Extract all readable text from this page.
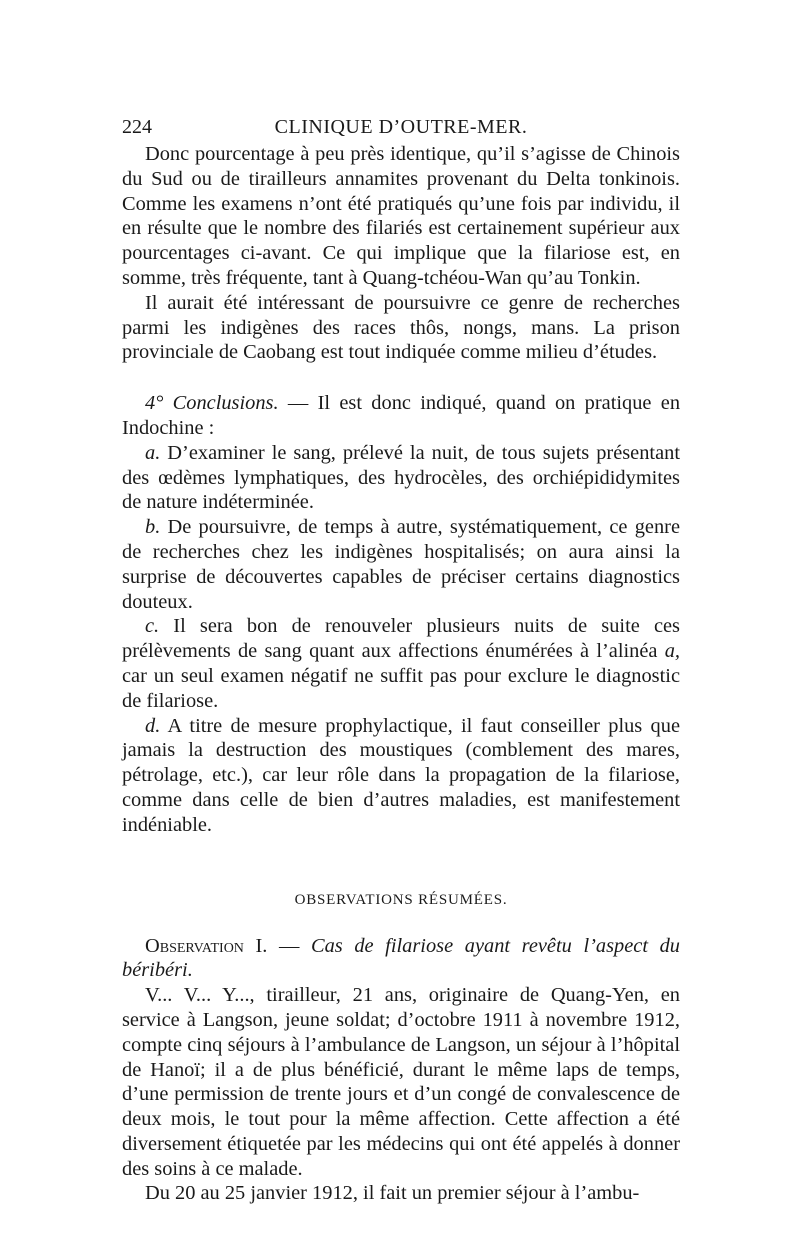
224	CLINIQUE D’OUTRE-MER.

Donc pourcentage à peu près identique, qu’il s’agisse de Chinois du Sud ou de tirailleurs annamites provenant du Delta tonkinois. Comme les examens n’ont été pratiqués qu’une fois par individu, il en résulte que le nombre des filariés est certainement supérieur aux pourcentages ci-avant. Ce qui implique que la filariose est, en somme, très fréquente, tant à Quang-tchéou-Wan qu’au Tonkin.

Il aurait été intéressant de poursuivre ce genre de recherches parmi les indigènes des races thôs, nongs, mans. La prison provinciale de Caobang est tout indiquée comme milieu d’études.

4° Conclusions. — Il est donc indiqué, quand on pratique en Indochine :

a. D’examiner le sang, prélevé la nuit, de tous sujets présentant des œdèmes lymphatiques, des hydrocèles, des orchiépididymites de nature indéterminée.

b. De poursuivre, de temps à autre, systématiquement, ce genre de recherches chez les indigènes hospitalisés; on aura ainsi la surprise de découvertes capables de préciser certains diagnostics douteux.

c. Il sera bon de renouveler plusieurs nuits de suite ces prélèvements de sang quant aux affections énumérées à l’alinéa a, car un seul examen négatif ne suffit pas pour exclure le diagnostic de filariose.

d. A titre de mesure prophylactique, il faut conseiller plus que jamais la destruction des moustiques (comblement des mares, pétrolage, etc.), car leur rôle dans la propagation de la filariose, comme dans celle de bien d’autres maladies, est manifestement indéniable.

OBSERVATIONS RÉSUMÉES.

Observation I. — Cas de filariose ayant revêtu l’aspect du béribéri.

V... V... Y..., tirailleur, 21 ans, originaire de Quang-Yen, en service à Langson, jeune soldat; d’octobre 1911 à novembre 1912, compte cinq séjours à l’ambulance de Langson, un séjour à l’hôpital de Hanoï; il a de plus bénéficié, durant le même laps de temps, d’une permission de trente jours et d’un congé de convalescence de deux mois, le tout pour la même affection. Cette affection a été diversement étiquetée par les médecins qui ont été appelés à donner des soins à ce malade.

Du 20 au 25 janvier 1912, il fait un premier séjour à l’ambu-
